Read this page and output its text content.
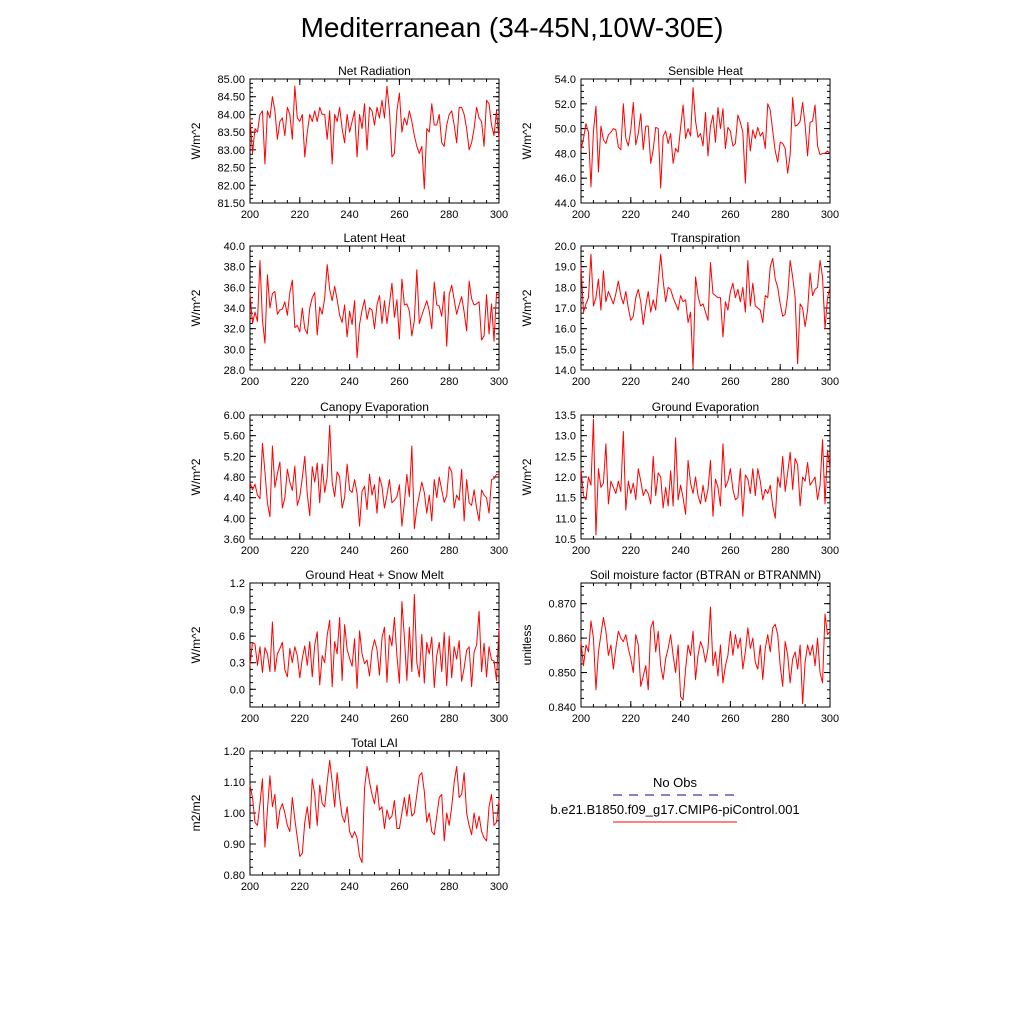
Mediterranean (34-45N,10W-30E)
Net Radiation
200	220	240	260	280	300
81.50
82.00
82.50
83.00
83.50
84.00
84.50
85.00
W/m^2
Sensible Heat
200	220	240	260	280	300
44.0
46.0
48.0
50.0
52.0
54.0
W/m^2
Latent Heat
200	220	240	260	280	300
28.0
30.0
32.0
34.0
36.0
38.0
40.0
W/m^2
Transpiration
200	220	240	260	280	300
14.0
15.0
16.0
17.0
18.0
19.0
20.0
W/m^2
Canopy Evaporation
200	220	240	260	280	300
3.60
4.00
4.40
4.80
5.20
5.60
6.00
W/m^2
Ground Evaporation
200	220	240	260	280	300
10.5
11.0
11.5
12.0
12.5
13.0
13.5
W/m^2
Ground Heat + Snow Melt
200	220	240	260	280	300
0.0
0.3
0.6
0.9
1.2
W/m^2
Soil moisture factor (BTRAN or BTRANMN)
200	220	240	260	280	300
0.840
0.850
0.860
0.870
unitless
Total LAI
200	220	240	260	280	300
0.80
0.90
1.00
1.10
1.20
m2/m2
No Obs
b.e21.B1850.f09_g17.CMIP6-piControl.001
